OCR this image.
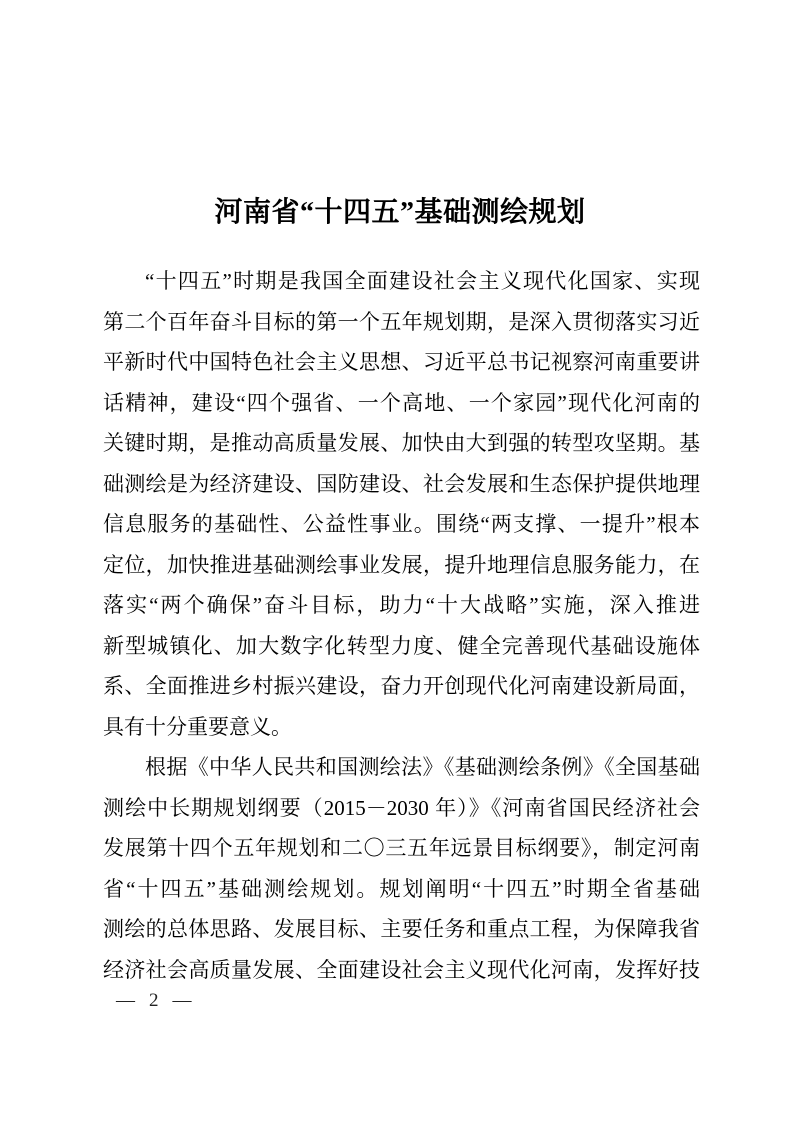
河南省“十四五”基础测绘规划
“十四五”时期是我国全面建设社会主义现代化国家、实现
第二个百年奋斗目标的第一个五年规划期，是深入贯彻落实习近
平新时代中国特色社会主义思想、习近平总书记视察河南重要讲
话精神，建设“四个强省、一个高地、一个家园”现代化河南的
关键时期，是推动高质量发展、加快由大到强的转型攻坚期。基
础测绘是为经济建设、国防建设、社会发展和生态保护提供地理
信息服务的基础性、公益性事业。围绕“两支撑、一提升”根本
定位，加快推进基础测绘事业发展，提升地理信息服务能力，在
落实“两个确保”奋斗目标，助力“十大战略”实施，深入推进
新型城镇化、加大数字化转型力度、健全完善现代基础设施体
系、全面推进乡村振兴建设，奋力开创现代化河南建设新局面，
具有十分重要意义。
根据《中华人民共和国测绘法》《基础测绘条例》《全国基础
测绘中长期规划纲要（2015－2030 年）》《河南省国民经济社会
发展第十四个五年规划和二〇三五年远景目标纲要》，制定河南
省“十四五”基础测绘规划。规划阐明“十四五”时期全省基础
测绘的总体思路、发展目标、主要任务和重点工程，为保障我省
经济社会高质量发展、全面建设社会主义现代化河南，发挥好技
— 2 —
